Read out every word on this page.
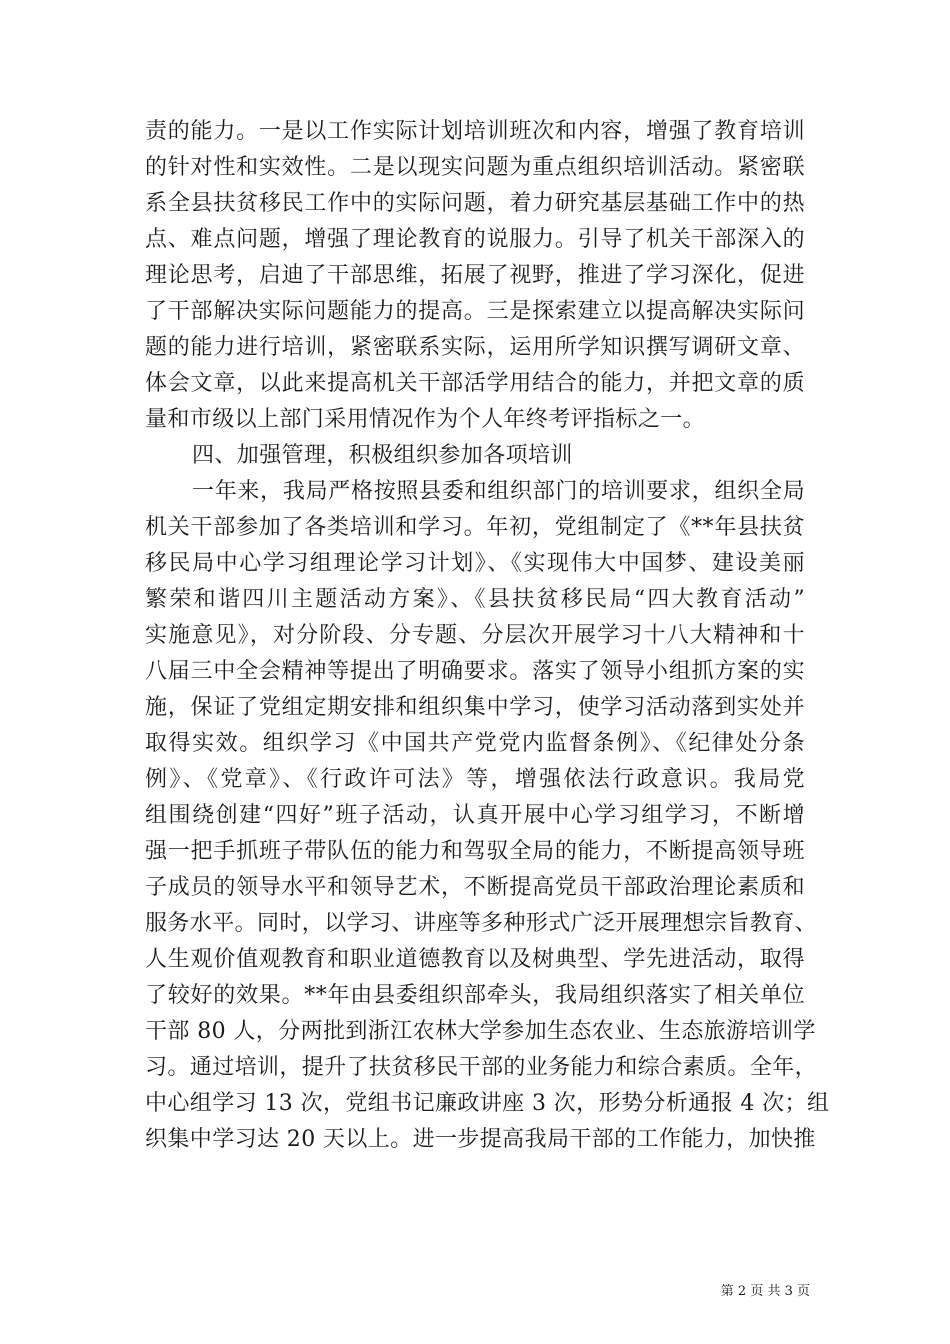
责的能力。一是以工作实际计划培训班次和内容，增强了教育培训
的针对性和实效性。二是以现实问题为重点组织培训活动。紧密联
系全县扶贫移民工作中的实际问题，着力研究基层基础工作中的热
点、难点问题，增强了理论教育的说服力。引导了机关干部深入的
理论思考，启迪了干部思维，拓展了视野，推进了学习深化，促进
了干部解决实际问题能力的提高。三是探索建立以提高解决实际问
题的能力进行培训，紧密联系实际，运用所学知识撰写调研文章、
体会文章，以此来提高机关干部活学用结合的能力，并把文章的质
量和市级以上部门采用情况作为个人年终考评指标之一。
四、加强管理，积极组织参加各项培训
一年来，我局严格按照县委和组织部门的培训要求，组织全局
机关干部参加了各类培训和学习。年初，党组制定了《**年县扶贫
移民局中心学习组理论学习计划》、《实现伟大中国梦、建设美丽
繁荣和谐四川主题活动方案》、《县扶贫移民局“四大教育活动”
实施意见》，对分阶段、分专题、分层次开展学习十八大精神和十
八届三中全会精神等提出了明确要求。落实了领导小组抓方案的实
施，保证了党组定期安排和组织集中学习，使学习活动落到实处并
取得实效。组织学习《中国共产党党内监督条例》、《纪律处分条
例》、《党章》、《行政许可法》等，增强依法行政意识。我局党
组围绕创建“四好”班子活动，认真开展中心学习组学习，不断增
强一把手抓班子带队伍的能力和驾驭全局的能力，不断提高领导班
子成员的领导水平和领导艺术，不断提高党员干部政治理论素质和
服务水平。同时，以学习、讲座等多种形式广泛开展理想宗旨教育、
人生观价值观教育和职业道德教育以及树典型、学先进活动，取得
了较好的效果。**年由县委组织部牵头，我局组织落实了相关单位
干部 80 人，分两批到浙江农林大学参加生态农业、生态旅游培训学
习。通过培训，提升了扶贫移民干部的业务能力和综合素质。全年，
中心组学习 13 次，党组书记廉政讲座 3 次，形势分析通报 4 次；组
织集中学习达 20 天以上。进一步提高我局干部的工作能力，加快推
第 2 页 共 3 页
